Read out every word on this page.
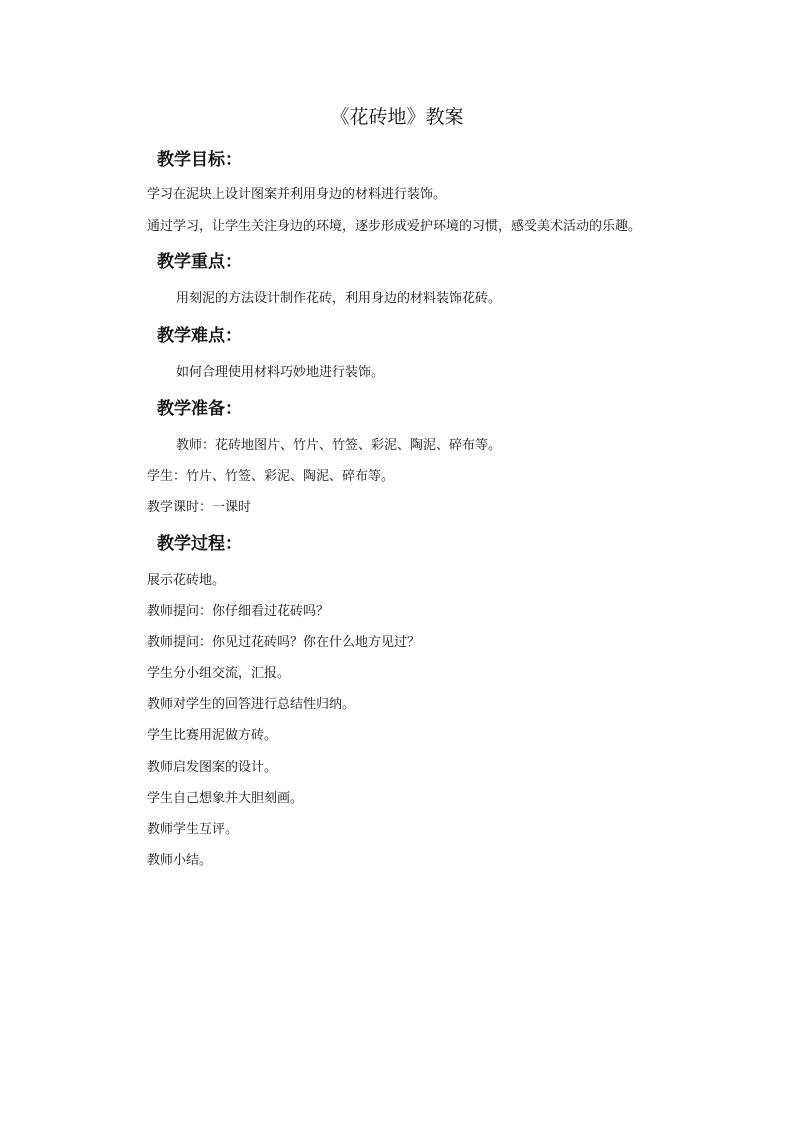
《花砖地》教案
教学目标：
学习在泥块上设计图案并利用身边的材料进行装饰。
通过学习，让学生关注身边的环境，逐步形成爱护环境的习惯，感受美术活动的乐趣。
教学重点：
用刻泥的方法设计制作花砖，利用身边的材料装饰花砖。
教学难点：
如何合理使用材料巧妙地进行装饰。
教学准备：
教师：花砖地图片、竹片、竹签、彩泥、陶泥、碎布等。
学生：竹片、竹签、彩泥、陶泥、碎布等。
教学课时：一课时
教学过程：
展示花砖地。
教师提问：你仔细看过花砖吗？
教师提问：你见过花砖吗？你在什么地方见过？
学生分小组交流，汇报。
教师对学生的回答进行总结性归纳。
学生比赛用泥做方砖。
教师启发图案的设计。
学生自己想象并大胆刻画。
教师学生互评。
教师小结。
